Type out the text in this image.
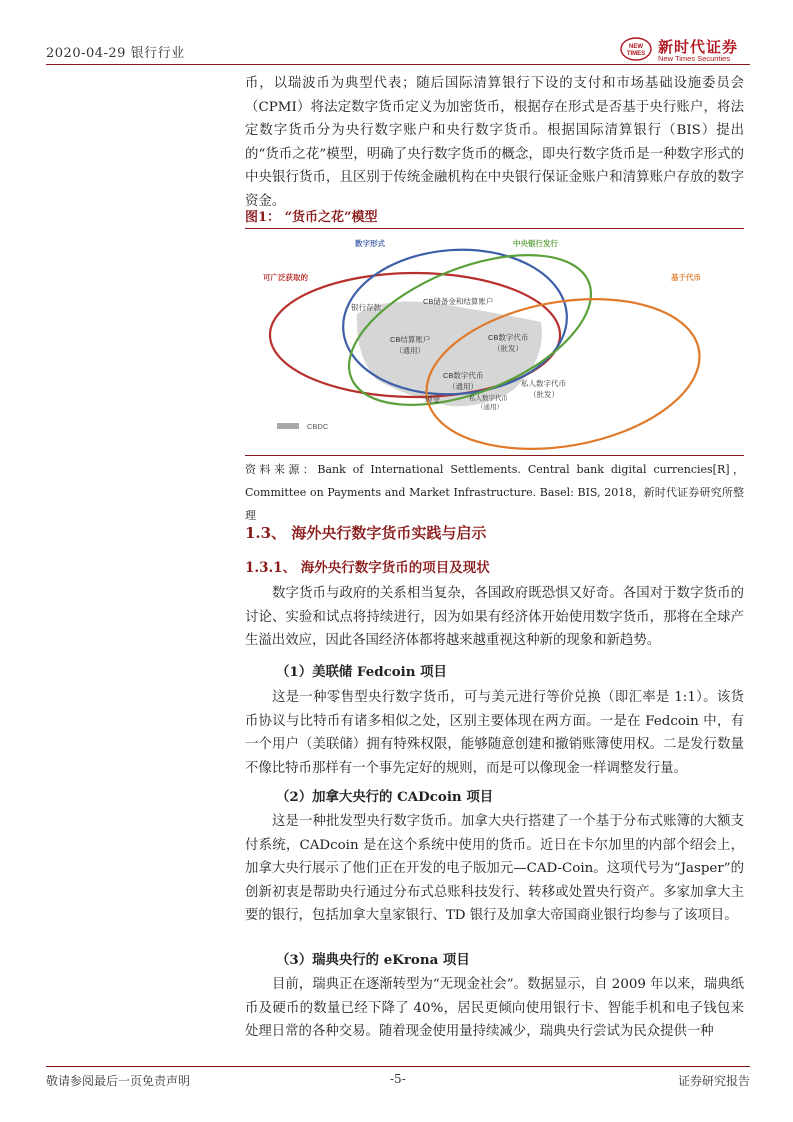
2020-04-29 银行行业	NEW
TIMES 新时代证券
New Times Securities
币，以瑞波币为典型代表；随后国际清算银行下设的支付和市场基础设施委员会（CPMI）将法定数字货币定义为加密货币，根据存在形式是否基于央行账户，将法定数字货币分为央行数字账户和央行数字货币。根据国际清算银行（BIS）提出的“货币之花”模型，明确了央行数字货币的概念，即央行数字货币是一种数字形式的中央银行货币，且区别于传统金融机构在中央银行保证金账户和清算账户存放的数字资金。
图1： “货币之花”模型
可广泛获取的
数字形式	中央银行发行
基于代币
银行存款
CB储备金和结算账户
CB结算账户
（通用）
CB数字代币
（批发）
CB数字代币
（通用）	私人数字代币
（批发）
现金	私人数字代币
（通用）
CBDC
资料来源：Bank of International Settlements. Central bank digital currencies[R]，Committee on Payments and Market Infrastructure. Basel: BIS, 2018，新时代证券研究所整理
1.3、 海外央行数字货币实践与启示
1.3.1、 海外央行数字货币的项目及现状
数字货币与政府的关系相当复杂，各国政府既恐惧又好奇。各国对于数字货币的讨论、实验和试点将持续进行，因为如果有经济体开始使用数字货币，那将在全球产生溢出效应，因此各国经济体都将越来越重视这种新的现象和新趋势。
（1）美联储 Fedcoin 项目
这是一种零售型央行数字货币，可与美元进行等价兑换（即汇率是 1:1）。该货币协议与比特币有诸多相似之处，区别主要体现在两方面。一是在 Fedcoin 中，有一个用户（美联储）拥有特殊权限，能够随意创建和撤销账簿使用权。二是发行数量不像比特币那样有一个事先定好的规则，而是可以像现金一样调整发行量。
（2）加拿大央行的 CADcoin 项目
这是一种批发型央行数字货币。加拿大央行搭建了一个基于分布式账簿的大额支付系统，CADcoin 是在这个系统中使用的货币。近日在卡尔加里的内部个绍会上，加拿大央行展示了他们正在开发的电子版加元—CAD-Coin。这项代号为“Jasper”的创新初衷是帮助央行通过分布式总账科技发行、转移或处置央行资产。多家加拿大主要的银行，包括加拿大皇家银行、TD 银行及加拿大帝国商业银行均参与了该项目。
（3）瑞典央行的 eKrona 项目
目前，瑞典正在逐渐转型为“无现金社会”。数据显示，自 2009 年以来，瑞典纸币及硬币的数量已经下降了 40%，居民更倾向使用银行卡、智能手机和电子钱包来处理日常的各种交易。随着现金使用量持续减少，瑞典央行尝试为民众提供一种
敬请参阅最后一页免责声明	-5-	证券研究报告
